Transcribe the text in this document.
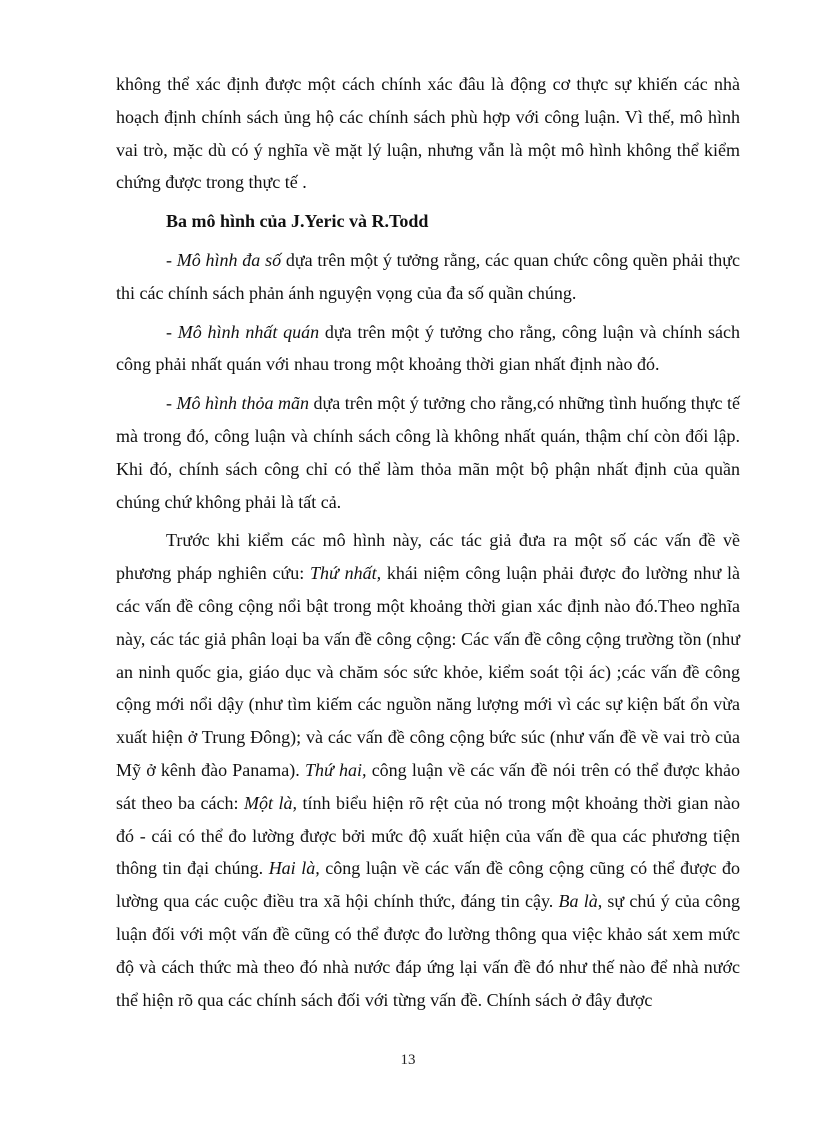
không thể xác định được một cách chính xác đâu là động cơ thực sự khiến các nhà hoạch định chính sách ủng hộ các chính sách phù hợp với công luận. Vì thế, mô hình vai trò, mặc dù có ý nghĩa về mặt lý luận, nhưng vẫn là một mô hình không thể kiểm chứng được trong thực tế .

Ba mô hình của J.Yeric và R.Todd

- Mô hình đa số dựa trên một ý tưởng rằng, các quan chức công quền phải thực thi các chính sách phản ánh nguyện vọng của đa số quần chúng.

- Mô hình nhất quán dựa trên một ý tưởng cho rằng, công luận và chính sách công phải nhất quán với nhau trong một khoảng thời gian nhất định nào đó.

- Mô hình thỏa mãn dựa trên một ý tưởng cho rằng,có những tình huống thực tế mà trong đó, công luận và chính sách công là không nhất quán, thậm chí còn đối lập. Khi đó, chính sách công chỉ có thể làm thỏa mãn một bộ phận nhất định của quần chúng chứ không phải là tất cả.

Trước khi kiểm các mô hình này, các tác giả đưa ra một số các vấn đề về phương pháp nghiên cứu: Thứ nhất, khái niệm công luận phải được đo lường như là các vấn đề công cộng nổi bật trong một khoảng thời gian xác định nào đó.Theo nghĩa này, các tác giả phân loại ba vấn đề công cộng: Các vấn đề công cộng trường tồn (như an ninh quốc gia, giáo dục và chăm sóc sức khỏe, kiểm soát tội ác) ;các vấn đề công cộng mới nổi dậy (như tìm kiếm các nguồn năng lượng mới vì các sự kiện bất ổn vừa xuất hiện ở Trung Đông); và các vấn đề công cộng bức súc (như vấn đề về vai trò của Mỹ ở kênh đào Panama). Thứ hai, công luận về các vấn đề nói trên có thể được khảo sát theo ba cách: Một là, tính biểu hiện rõ rệt của nó trong một khoảng thời gian nào đó - cái có thể đo lường được bởi mức độ xuất hiện của vấn đề qua các phương tiện thông tin đại chúng. Hai là, công luận về các vấn đề công cộng cũng có thể được đo lường qua các cuộc điều tra xã hội chính thức, đáng tin cậy. Ba là, sự chú ý của công luận đối với một vấn đề cũng có thể được đo lường thông qua việc khảo sát xem mức độ và cách thức mà theo đó nhà nước đáp ứng lại vấn đề đó như thế nào để nhà nước thể hiện rõ qua các chính sách đối với từng vấn đề. Chính sách ở đây được

13
